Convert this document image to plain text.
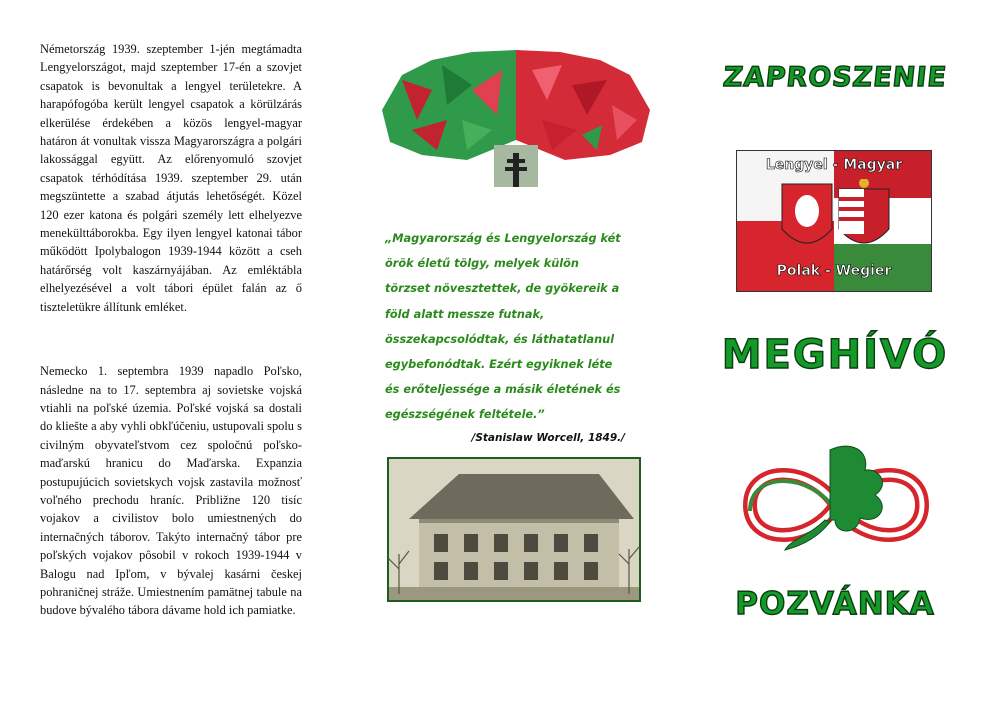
Németország 1939. szeptember 1-jén megtámadta Lengyelországot, majd szeptember 17-én a szovjet csapatok is bevonultak a lengyel területekre. A harapófogóba került lengyel csapatok a körülzárás elkerülése érdekében a közös lengyel-magyar határon át vonultak vissza Magyarországra a polgári lakossággal együtt. Az előrenyomuló szovjet csapatok térhódítása 1939. szeptember 29. után megszüntette a szabad átjutás lehetőségét. Közel 120 ezer katona és polgári személy lett elhelyezve menekülttáborokba. Egy ilyen lengyel katonai tábor működött Ipolybalogon 1939-1944 között a cseh határőrség volt kaszárnyájában. Az emléktábla elhelyezésével a volt tábori épület falán az ő tiszteletükre állítunk emléket.

Nemecko 1. septembra 1939 napadlo Poľsko, následne na to 17. septembra aj sovietske vojská vtiahli na poľské územia. Poľské vojská sa dostali do kliešte a aby vyhli obkľúčeniu, ustupovali spolu s civilným obyvateľstvom cez spoločnú poľsko-maďarskú hranicu do Maďarska. Expanzia postupujúcich sovietskych vojsk zastavila možnosť voľného prechodu hraníc. Približne 120 tisíc vojakov a civilistov bolo umiestnených do internačných táborov. Takýto internačný tábor pre poľských vojakov pôsobil v rokoch 1939-1944 v Balogu nad Ipľom, v bývalej kasárni českej pohraničnej stráže. Umiestnením pamätnej tabule na budove bývalého tábora dávame hold ich pamiatke.

„Magyarország és Lengyelország két örök életű tölgy, melyek külön törzset növesztettek, de gyökereik a föld alatt messze futnak, összekapcsolódtak, és láthatatlanul egybefonódtak. Ezért egyiknek léte és erőteljessége a másik életének és egészségének feltétele.”
/Stanislaw Worcell, 1849./
ZAPROSZENIE
Lengyel - Magyar
Polak - Wegier
MEGHÍVÓ
POZVÁNKA
